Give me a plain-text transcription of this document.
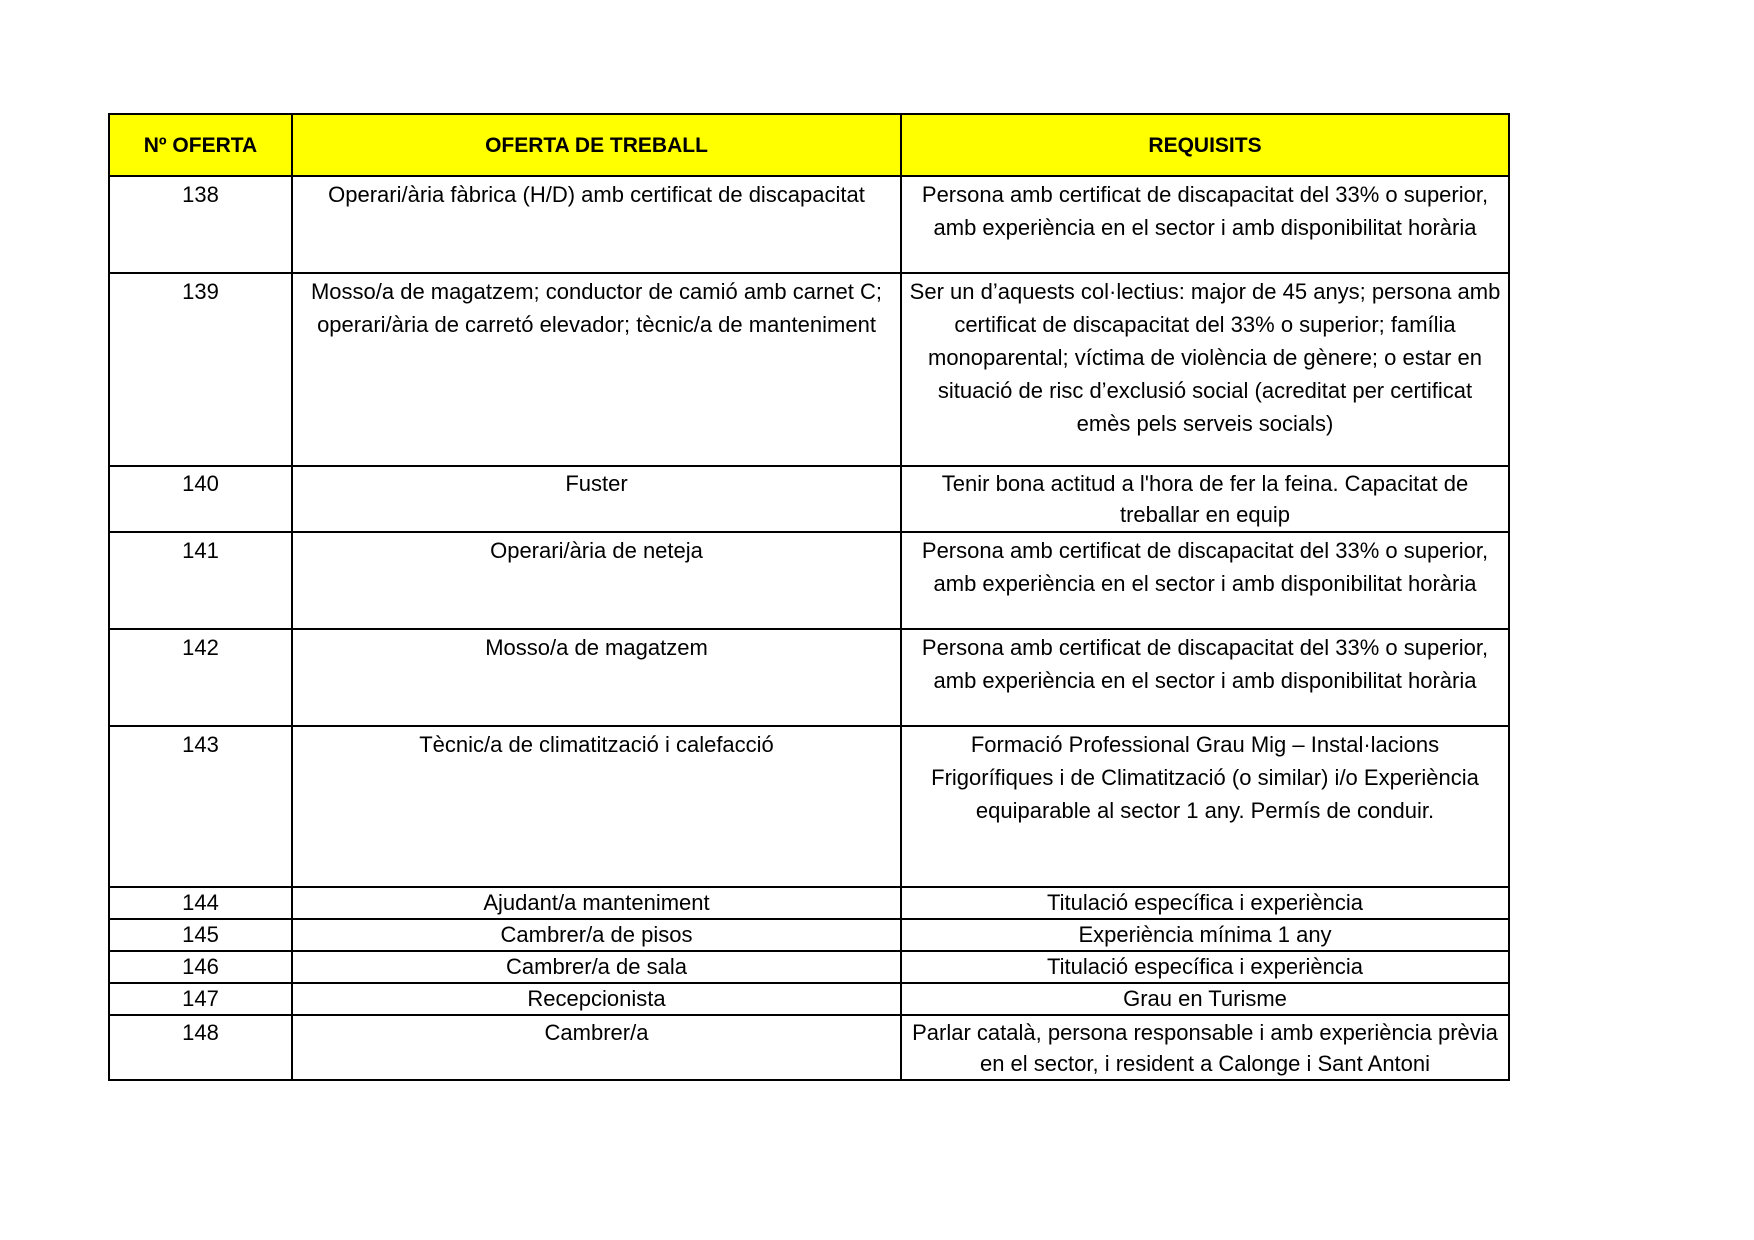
Nº OFERTA	OFERTA DE TREBALL	REQUISITS
138	Operari/ària fàbrica (H/D) amb certificat de discapacitat	Persona amb certificat de discapacitat del 33% o superior, amb experiència en el sector i amb disponibilitat horària
139	Mosso/a de magatzem; conductor de camió amb carnet C; operari/ària de carretó elevador; tècnic/a de manteniment	Ser un d’aquests col·lectius: major de 45 anys; persona amb certificat de discapacitat del 33% o superior; família monoparental; víctima de violència de gènere; o estar en situació de risc d’exclusió social (acreditat per certificat emès pels serveis socials)
140	Fuster	Tenir bona actitud a l'hora de fer la feina. Capacitat de treballar en equip
141	Operari/ària de neteja	Persona amb certificat de discapacitat del 33% o superior, amb experiència en el sector i amb disponibilitat horària
142	Mosso/a de magatzem	Persona amb certificat de discapacitat del 33% o superior, amb experiència en el sector i amb disponibilitat horària
143	Tècnic/a de climatització i calefacció	Formació Professional Grau Mig – Instal·lacions Frigorífiques i de Climatització (o similar) i/o Experiència equiparable al sector 1 any. Permís de conduir.
144	Ajudant/a manteniment	Titulació específica i experiència
145	Cambrer/a de pisos	Experiència mínima 1 any
146	Cambrer/a de sala	Titulació específica i experiència
147	Recepcionista	Grau en Turisme
148	Cambrer/a	Parlar català, persona responsable i amb experiència prèvia en el sector, i resident a Calonge i Sant Antoni
